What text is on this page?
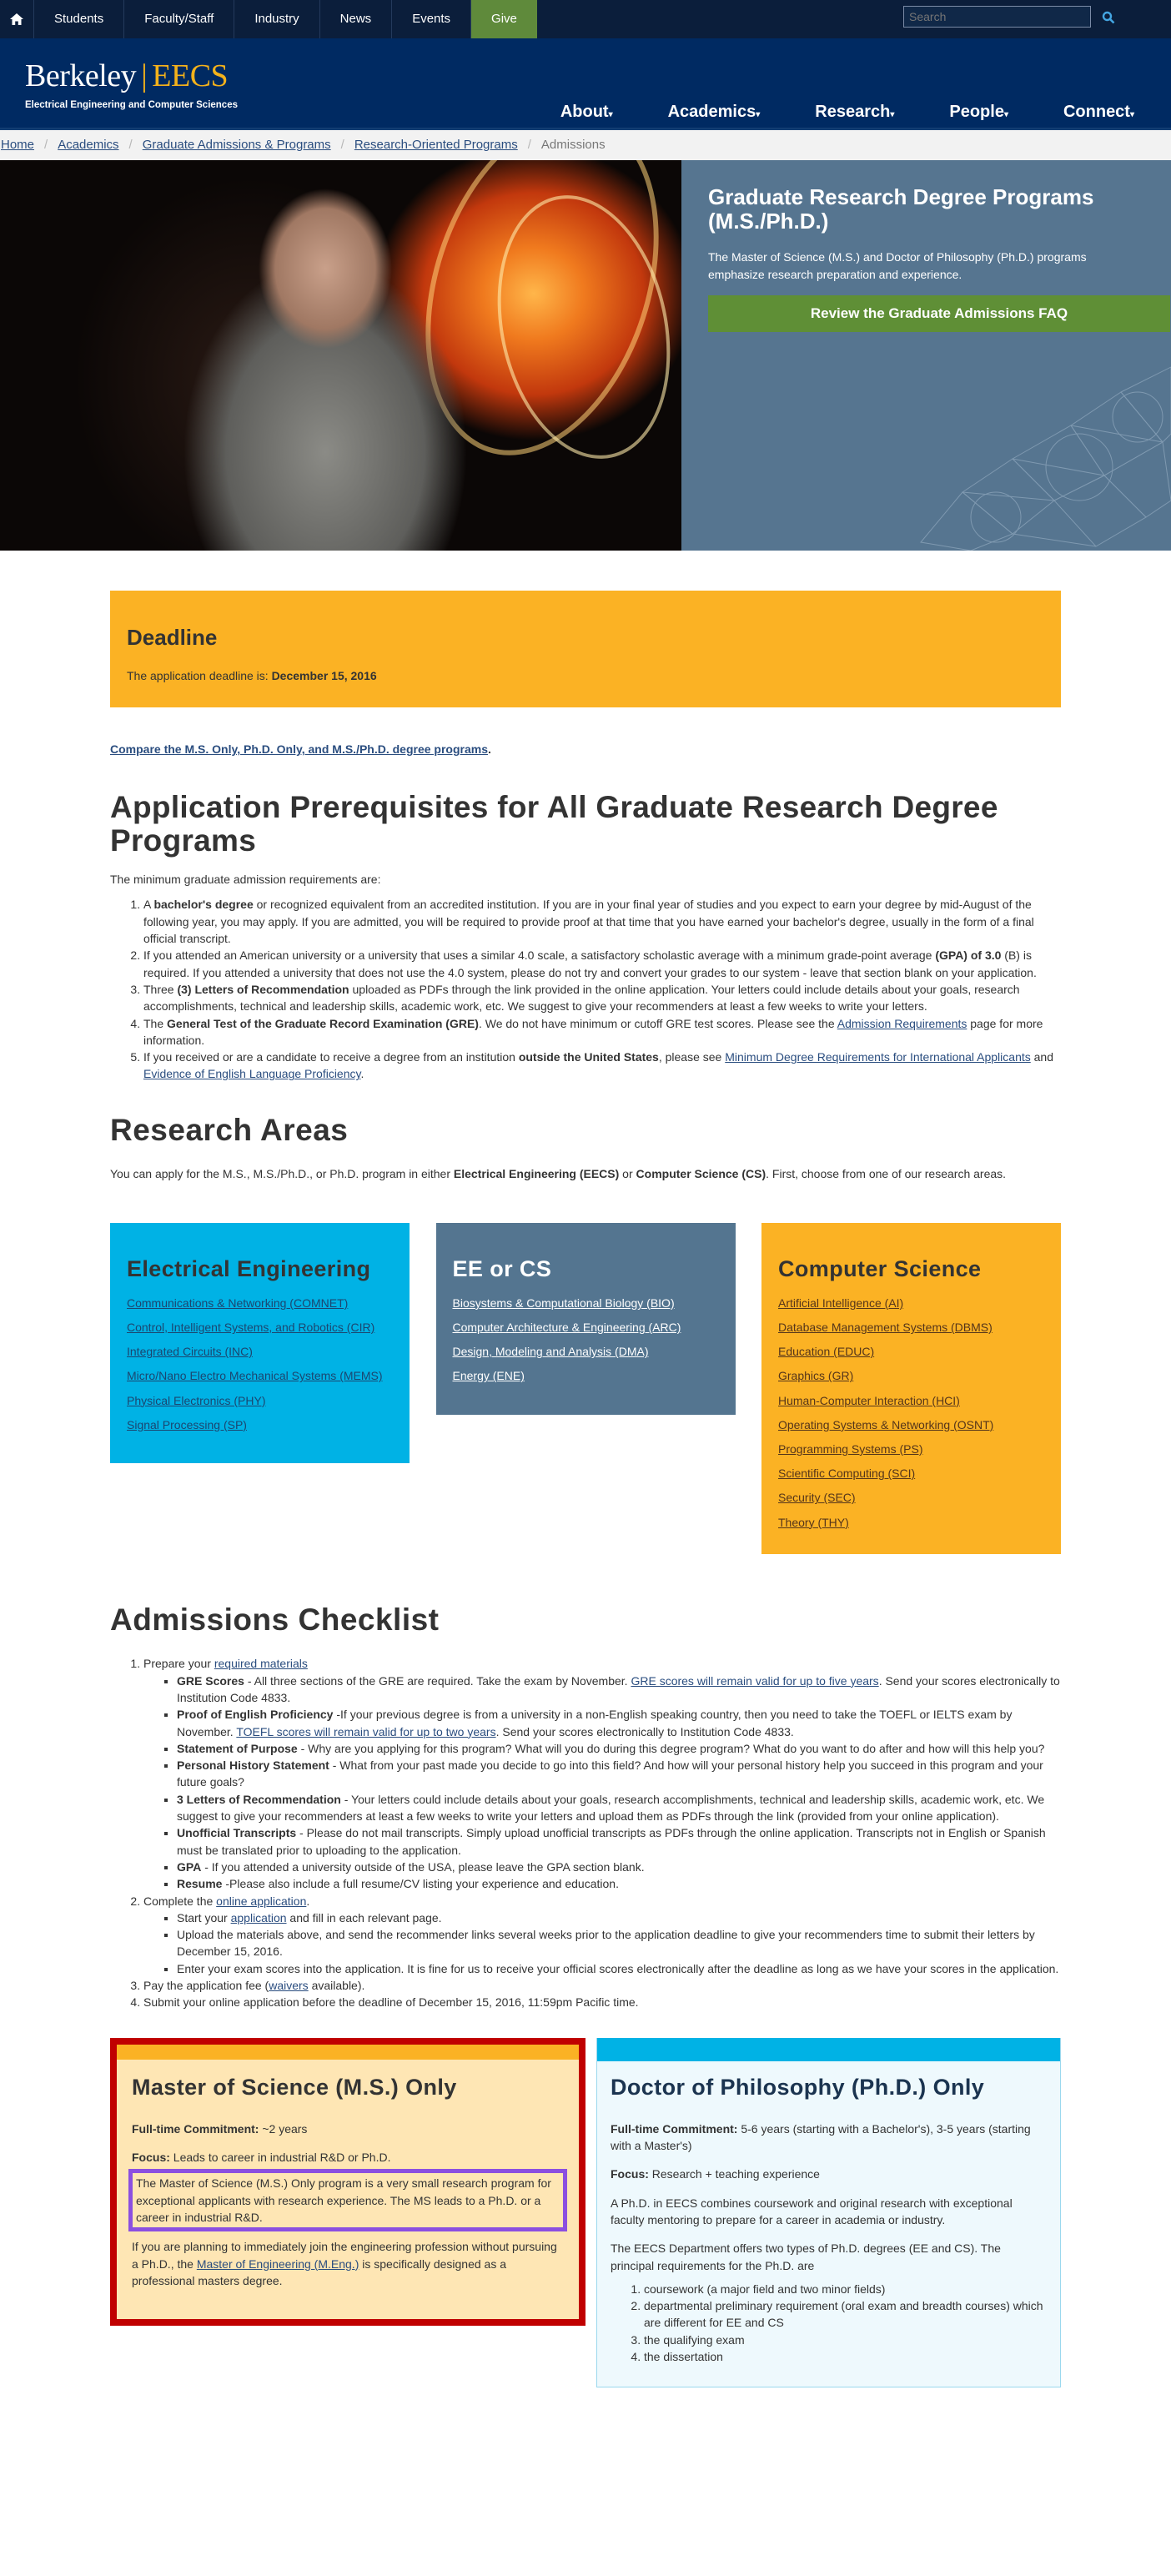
Students	Faculty/Staff	Industry	News	Events	Give
Search
Berkeley | EECS
Electrical Engineering and Computer Sciences	About▾	Academics▾	Research▾	People▾	Connect▾
Home / Academics / Graduate Admissions & Programs / Research-Oriented Programs / Admissions
Graduate Research Degree Programs (M.S./Ph.D.)
The Master of Science (M.S.) and Doctor of Philosophy (Ph.D.) programs emphasize research preparation and experience.
Review the Graduate Admissions FAQ
Deadline
The application deadline is: December 15, 2016
Compare the M.S. Only, Ph.D. Only, and M.S./Ph.D. degree programs.
Application Prerequisites for All Graduate Research Degree Programs
The minimum graduate admission requirements are:
1. A bachelor's degree or recognized equivalent from an accredited institution. If you are in your final year of studies and you expect to earn your degree by mid-August of the following year, you may apply. If you are admitted, you will be required to provide proof at that time that you have earned your bachelor's degree, usually in the form of a final official transcript.
2. If you attended an American university or a university that uses a similar 4.0 scale, a satisfactory scholastic average with a minimum grade-point average (GPA) of 3.0 (B) is required. If you attended a university that does not use the 4.0 system, please do not try and convert your grades to our system - leave that section blank on your application.
3. Three (3) Letters of Recommendation uploaded as PDFs through the link provided in the online application. Your letters could include details about your goals, research accomplishments, technical and leadership skills, academic work, etc. We suggest to give your recommenders at least a few weeks to write your letters.
4. The General Test of the Graduate Record Examination (GRE). We do not have minimum or cutoff GRE test scores. Please see the Admission Requirements page for more information.
5. If you received or are a candidate to receive a degree from an institution outside the United States, please see Minimum Degree Requirements for International Applicants and Evidence of English Language Proficiency.
Research Areas
You can apply for the M.S., M.S./Ph.D., or Ph.D. program in either Electrical Engineering (EECS) or Computer Science (CS). First, choose from one of our research areas.
Electrical Engineering
Communications & Networking (COMNET)
Control, Intelligent Systems, and Robotics (CIR)
Integrated Circuits (INC)
Micro/Nano Electro Mechanical Systems (MEMS)
Physical Electronics (PHY)
Signal Processing (SP)
EE or CS
Biosystems & Computational Biology (BIO)
Computer Architecture & Engineering (ARC)
Design, Modeling and Analysis (DMA)
Energy (ENE)
Computer Science
Artificial Intelligence (AI)
Database Management Systems (DBMS)
Education (EDUC)
Graphics (GR)
Human-Computer Interaction (HCI)
Operating Systems & Networking (OSNT)
Programming Systems (PS)
Scientific Computing (SCI)
Security (SEC)
Theory (THY)
Admissions Checklist
1. Prepare your required materials
▪ GRE Scores - All three sections of the GRE are required. Take the exam by November. GRE scores will remain valid for up to five years. Send your scores electronically to Institution Code 4833.
▪ Proof of English Proficiency -If your previous degree is from a university in a non-English speaking country, then you need to take the TOEFL or IELTS exam by November. TOEFL scores will remain valid for up to two years. Send your scores electronically to Institution Code 4833.
▪ Statement of Purpose - Why are you applying for this program? What will you do during this degree program? What do you want to do after and how will this help you?
▪ Personal History Statement - What from your past made you decide to go into this field? And how will your personal history help you succeed in this program and your future goals?
▪ 3 Letters of Recommendation - Your letters could include details about your goals, research accomplishments, technical and leadership skills, academic work, etc. We suggest to give your recommenders at least a few weeks to write your letters and upload them as PDFs through the link (provided from your online application).
▪ Unofficial Transcripts - Please do not mail transcripts. Simply upload unofficial transcripts as PDFs through the online application. Transcripts not in English or Spanish must be translated prior to uploading to the application.
▪ GPA - If you attended a university outside of the USA, please leave the GPA section blank.
▪ Resume -Please also include a full resume/CV listing your experience and education.
2. Complete the online application.
▪ Start your application and fill in each relevant page.
▪ Upload the materials above, and send the recommender links several weeks prior to the application deadline to give your recommenders time to submit their letters by December 15, 2016.
▪ Enter your exam scores into the application. It is fine for us to receive your official scores electronically after the deadline as long as we have your scores in the application.
3. Pay the application fee (waivers available).
4. Submit your online application before the deadline of December 15, 2016, 11:59pm Pacific time.
Master of Science (M.S.) Only
Full-time Commitment: ~2 years
Focus: Leads to career in industrial R&D or Ph.D.
The Master of Science (M.S.) Only program is a very small research program for exceptional applicants with research experience. The MS leads to a Ph.D. or a career in industrial R&D.
If you are planning to immediately join the engineering profession without pursuing a Ph.D., the Master of Engineering (M.Eng.) is specifically designed as a professional masters degree.
Doctor of Philosophy (Ph.D.) Only
Full-time Commitment: 5-6 years (starting with a Bachelor's), 3-5 years (starting with a Master's)
Focus: Research + teaching experience
A Ph.D. in EECS combines coursework and original research with exceptional faculty mentoring to prepare for a career in academia or industry.
The EECS Department offers two types of Ph.D. degrees (EE and CS). The principal requirements for the Ph.D. are
1. coursework (a major field and two minor fields)
2. departmental preliminary requirement (oral exam and breadth courses) which are different for EE and CS
3. the qualifying exam
4. the dissertation
